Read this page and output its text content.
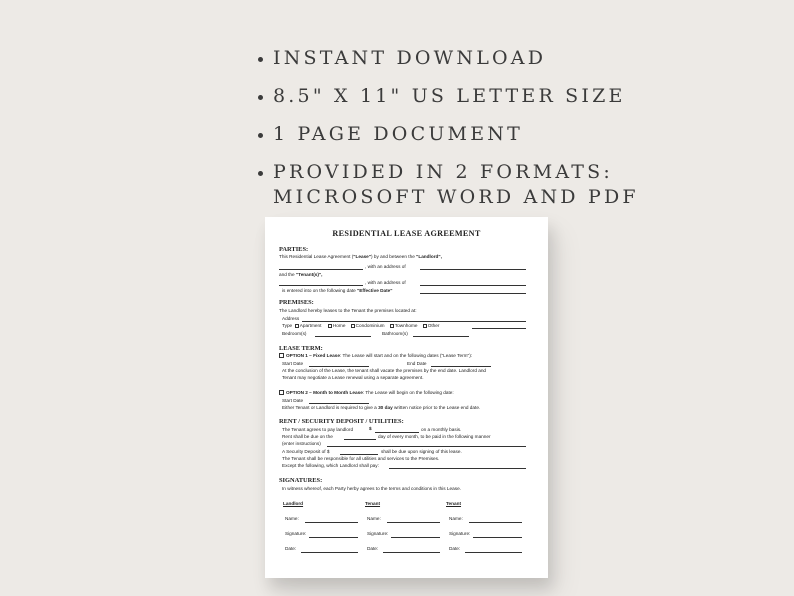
INSTANT DOWNLOAD
8.5" X 11" US LETTER SIZE
1 PAGE DOCUMENT
PROVIDED IN 2 FORMATS:
MICROSOFT WORD AND PDF
RESIDENTIAL LEASE AGREEMENT
PARTIES:
This Residential Lease Agreement ("Lease") by and between the "Landlord",
, with an address of
and the "Tenant(s)",
, with an address of
is entered into on the following date "Effective Date"
PREMISES:
The Landlord hereby leases to the Tenant the premises located at:
Address
Type Apartment Home Condominium Townhome Other
Bedroom(s)	Bathroom(s)
LEASE TERM:
OPTION 1 – Fixed Lease: The Lease will start and on the following dates ("Lease Term"):
Start Date	End Date
At the conclusion of the Lease, the tenant shall vacate the premises by the end date. Landlord and
Tenant may negotiate a Lease renewal using a separate agreement.
OPTION 2 – Month to Month Lease: The Lease will begin on the following date:
Start Date
Either Tenant or Landlord is required to give a 30 day written notice prior to the Lease end date.
RENT / SECURITY DEPOSIT / UTILITIES:
The Tenant agrees to pay landlord	$	on a monthly basis.
Rent shall be due on the	day of every month, to be paid in the following manner
(enter instructions)
A Security Deposit of $	shall be due upon signing of this lease.
The Tenant shall be responsible for all utilities and services to the Premises.
Except the following, which Landlord shall pay:
SIGNATURES:
In witness whereof, each Party herby agrees to the terms and conditions in this Lease.
Landlord	Tenant	Tenant
Name:	Name:	Name:
Signature:	Signature:	Signature:
Date:	Date:	Date:
